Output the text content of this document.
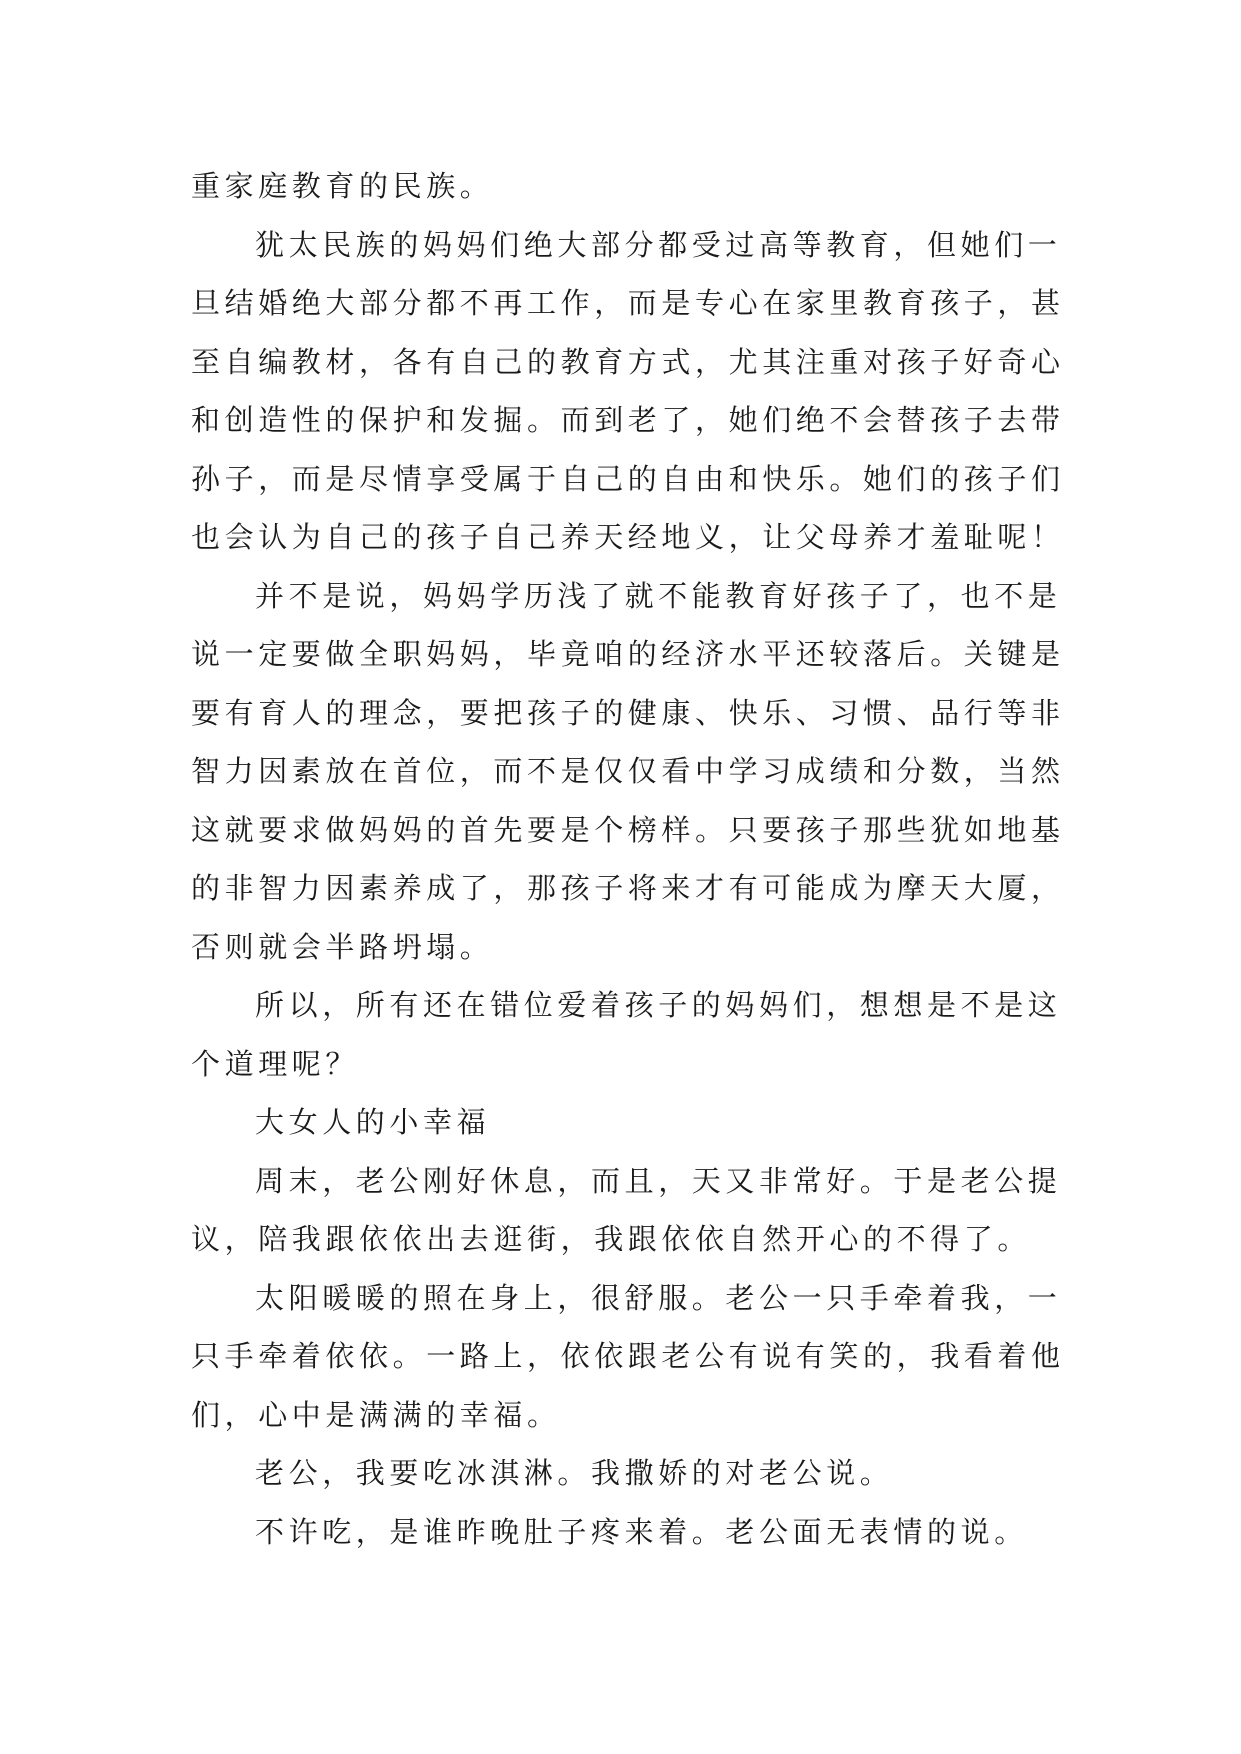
重家庭教育的民族。
犹太民族的妈妈们绝大部分都受过高等教育，但她们一
旦结婚绝大部分都不再工作，而是专心在家里教育孩子，甚
至自编教材，各有自己的教育方式，尤其注重对孩子好奇心
和创造性的保护和发掘。而到老了，她们绝不会替孩子去带
孙子，而是尽情享受属于自己的自由和快乐。她们的孩子们
也会认为自己的孩子自己养天经地义，让父母养才羞耻呢！
并不是说，妈妈学历浅了就不能教育好孩子了，也不是
说一定要做全职妈妈，毕竟咱的经济水平还较落后。关键是
要有育人的理念，要把孩子的健康、快乐、习惯、品行等非
智力因素放在首位，而不是仅仅看中学习成绩和分数，当然
这就要求做妈妈的首先要是个榜样。只要孩子那些犹如地基
的非智力因素养成了，那孩子将来才有可能成为摩天大厦，
否则就会半路坍塌。
所以，所有还在错位爱着孩子的妈妈们，想想是不是这
个道理呢？
大女人的小幸福
周末，老公刚好休息，而且，天又非常好。于是老公提
议，陪我跟依依出去逛街，我跟依依自然开心的不得了。
太阳暖暖的照在身上，很舒服。老公一只手牵着我，一
只手牵着依依。一路上，依依跟老公有说有笑的，我看着他
们，心中是满满的幸福。
老公，我要吃冰淇淋。我撒娇的对老公说。
不许吃，是谁昨晚肚子疼来着。老公面无表情的说。
